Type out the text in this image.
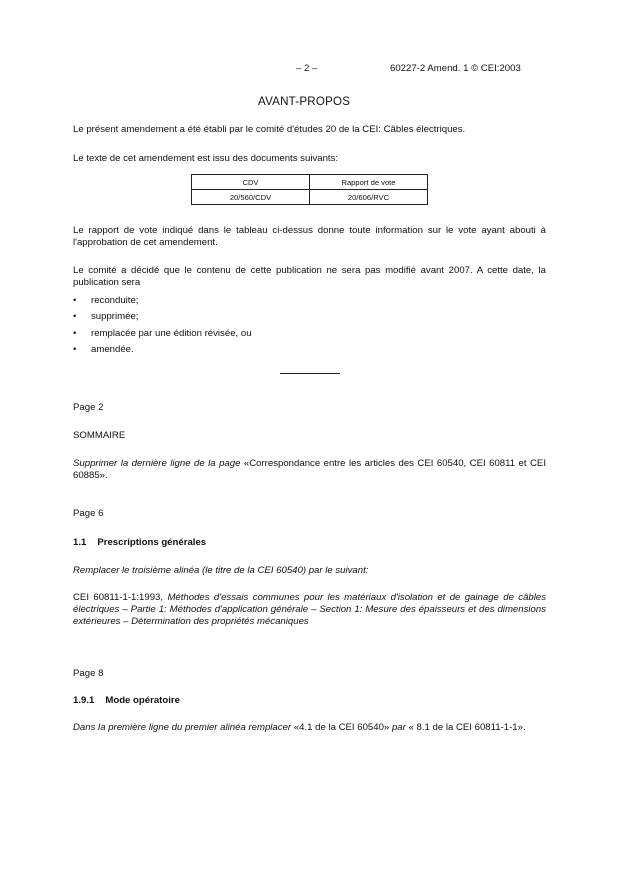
– 2 –	60227-2 Amend. 1 © CEI:2003
AVANT-PROPOS
Le présent amendement a été établi par le comité d'études 20 de la CEI: Câbles électriques.
Le texte de cet amendement est issu des documents suivants:
CDV	Rapport de vote
20/560/CDV	20/606/RVC
Le rapport de vote indiqué dans le tableau ci-dessus donne toute information sur le vote ayant abouti à l'approbation de cet amendement.
Le comité a décidé que le contenu de cette publication ne sera pas modifié avant 2007. A cette date, la publication sera
• reconduite;
• supprimée;
• remplacée par une édition révisée, ou
• amendée.
Page 2
SOMMAIRE
Supprimer la dernière ligne de la page «Correspondance entre les articles des CEI 60540, CEI 60811 et CEI 60885».
Page 6
1.1 Prescriptions générales
Remplacer le troisième alinéa (le titre de la CEI 60540) par le suivant:
CEI 60811-1-1:1993, Méthodes d'essais communes pour les matériaux d'isolation et de gainage de câbles électriques – Partie 1: Méthodes d'application générale – Section 1: Mesure des épaisseurs et des dimensions extérieures – Détermination des propriétés mécaniques
Page 8
1.9.1 Mode opératoire
Dans la première ligne du premier alinéa remplacer «4.1 de la CEI 60540» par « 8.1 de la CEI 60811-1-1».
